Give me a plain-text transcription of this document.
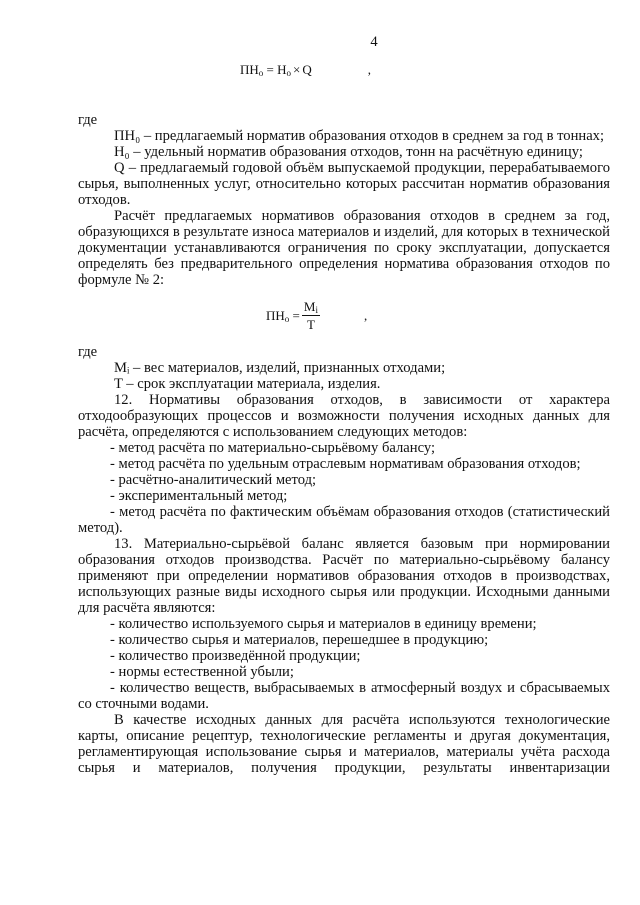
4
$ПН_о = Н_о \times Q$	,

где

ПН₀ – предлагаемый норматив образования отходов в среднем за год в тоннах;

Н₀ – удельный норматив образования отходов, тонн на расчётную единицу;

Q – предлагаемый годовой объём выпускаемой продукции, перерабатываемого сырья, выполненных услуг, относительно которых рассчитан норматив образования отходов.

Расчёт предлагаемых нормативов образования отходов в среднем за год, образующихся в результате износа материалов и изделий, для которых в технической документации устанавливаются ограничения по сроку эксплуатации, допускается определять без предварительного определения норматива образования отходов по формуле № 2:

$ПН_о = \frac{M_i}{T}$	,

где

Mᵢ – вес материалов, изделий, признанных отходами;

T – срок эксплуатации материала, изделия.

12. Нормативы образования отходов, в зависимости от характера отходообразующих процессов и возможности получения исходных данных для расчёта, определяются с использованием следующих методов:

- метод расчёта по материально-сырьёвому балансу;

- метод расчёта по удельным отраслевым нормативам образования отходов;

- расчётно-аналитический метод;

- экспериментальный метод;

- метод расчёта по фактическим объёмам образования отходов (статистический метод).

13. Материально-сырьёвой баланс является базовым при нормировании образования отходов производства. Расчёт по материально-сырьёвому балансу применяют при определении нормативов образования отходов в производствах, использующих разные виды исходного сырья или продукции. Исходными данными для расчёта являются:

- количество используемого сырья и материалов в единицу времени;

- количество сырья и материалов, перешедшее в продукцию;

- количество произведённой продукции;

- нормы естественной убыли;

- количество веществ, выбрасываемых в атмосферный воздух и сбрасываемых со сточными водами.

В качестве исходных данных для расчёта используются технологические карты, описание рецептур, технологические регламенты и другая документация, регламентирующая использование сырья и материалов, материалы учёта расхода сырья и материалов, получения продукции, результаты инвентаризации
